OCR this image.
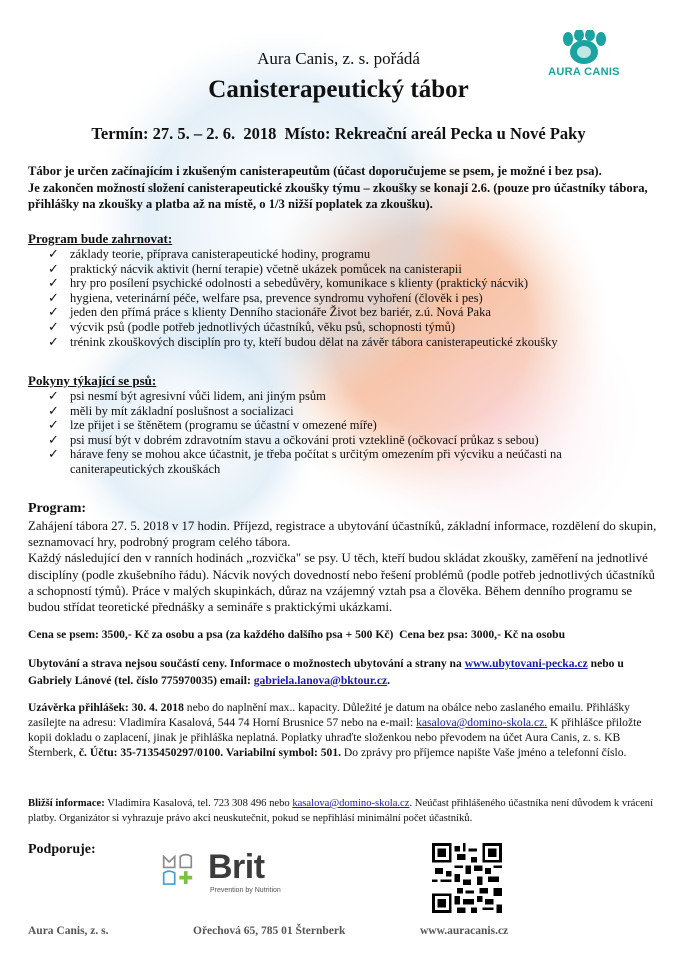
Aura Canis, z. s. pořádá
Canisterapeutický tábor
AURA CANIS
Termín: 27. 5. – 2. 6.  2018  Místo: Rekreační areál Pecka u Nové Paky
Tábor je určen začínajícím i zkušeným canisterapeutům (účast doporučujeme se psem, je možné i bez psa).
Je zakončen možností složení canisterapeutické zkoušky týmu – zkoušky se konají 2.6. (pouze pro účastníky tábora, přihlášky na zkoušky a platba až na místě, o 1/3 nižší poplatek za zkoušku).
Program bude zahrnovat:
✓ základy teorie, příprava canisterapeutické hodiny, programu
✓ praktický nácvik aktivit (herní terapie) včetně ukázek pomůcek na canisterapii
✓ hry pro posílení psychické odolnosti a sebedůvěry, komunikace s klienty (praktický nácvik)
✓ hygiena, veterinární péče, welfare psa, prevence syndromu vyhoření (člověk i pes)
✓ jeden den přímá práce s klienty Denního stacionáře Život bez bariér, z.ú. Nová Paka
✓ výcvik psů (podle potřeb jednotlivých účastníků, věku psů, schopnosti týmů)
✓ trénink zkouškových disciplín pro ty, kteří budou dělat na závěr tábora canisterapeutické zkoušky
Pokyny týkající se psů:
✓ psi nesmí být agresivní vůči lidem, ani jiným psům
✓ měli by mít základní poslušnost a socializaci
✓ lze přijet i se štěnětem (programu se účastní v omezené míře)
✓ psi musí být v dobrém zdravotním stavu a očkováni proti vzteklině (očkovací průkaz s sebou)
✓ hárave feny se mohou akce účastnit, je třeba počítat s určitým omezením při výcviku a neúčasti na caniterapeutických zkouškách
Program:
Zahájení tábora 27. 5. 2018 v 17 hodin. Příjezd, registrace a ubytování účastníků, základní informace, rozdělení do skupin, seznamovací hry, podrobný program celého tábora.
Každý následující den v ranních hodinách „rozvička" se psy. U těch, kteří budou skládat zkoušky, zaměření na jednotlivé disciplíny (podle zkušebního řádu). Nácvik nových dovedností nebo řešení problémů (podle potřeb jednotlivých účastníků a schopností týmů). Práce v malých skupinkách, důraz na vzájemný vztah psa a člověka. Během denního programu se budou střídat teoretické přednášky a semináře s praktickými ukázkami.
Cena se psem: 3500,- Kč za osobu a psa (za každého dalšího psa + 500 Kč)  Cena bez psa: 3000,- Kč na osobu
Ubytování a strava nejsou součástí ceny. Informace o možnostech ubytování a strany na www.ubytovani-pecka.cz nebo u Gabriely Lánové (tel. číslo 775970035) email: gabriela.lanova@bktour.cz.
Uzávěrka přihlášek: 30. 4. 2018 nebo do naplnění max.. kapacity. Důležité je datum na obálce nebo zaslaného emailu. Přihlášky zasílejte na adresu: Vladimíra Kasalová, 544 74 Horní Brusnice 57 nebo na e-mail: kasalova@domino-skola.cz. K přihlášce přiložte kopii dokladu o zaplacení, jinak je přihláška neplatná. Poplatky uhraďte složenkou nebo převodem na účet Aura Canis, z. s. KB Šternberk, č. Účtu: 35-7135450297/0100. Variabilní symbol: 501. Do zprávy pro příjemce napište Vaše jméno a telefonní číslo.
Bližší informace: Vladimíra Kasalová, tel. 723 308 496 nebo kasalova@domino-skola.cz. Neúčast přihlášeného účastníka není důvodem k vrácení platby. Organizátor si vyhrazuje právo akci neuskutečnit, pokud se nepřihlásí minimální počet účastníků.
Podporuje:	Brit
Prevention by Nutrition
Aura Canis, z. s.	Ořechová 65, 785 01 Šternberk	www.auracanis.cz
